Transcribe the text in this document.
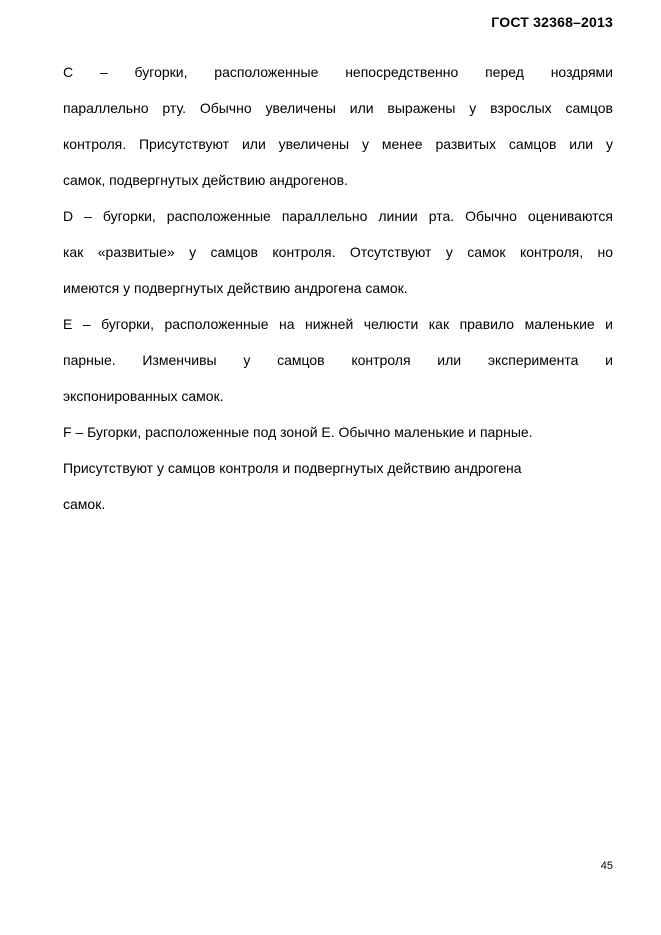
ГОСТ 32368–2013
C – бугорки, расположенные непосредственно перед ноздрями
параллельно рту. Обычно увеличены или выражены у взрослых самцов
контроля. Присутствуют или увеличены у менее развитых самцов или у
самок, подвергнутых действию андрогенов.
D – бугорки, расположенные параллельно линии рта. Обычно оцениваются
как «развитые» у самцов контроля. Отсутствуют у самок контроля, но
имеются у подвергнутых действию андрогена самок.
E – бугорки, расположенные на нижней челюсти как правило маленькие и
парные. Изменчивы у самцов контроля или эксперимента и
экспонированных самок.
F – Бугорки, расположенные под зоной E. Обычно маленькие и парные.
Присутствуют у самцов контроля и подвергнутых действию андрогена
самок.
45
